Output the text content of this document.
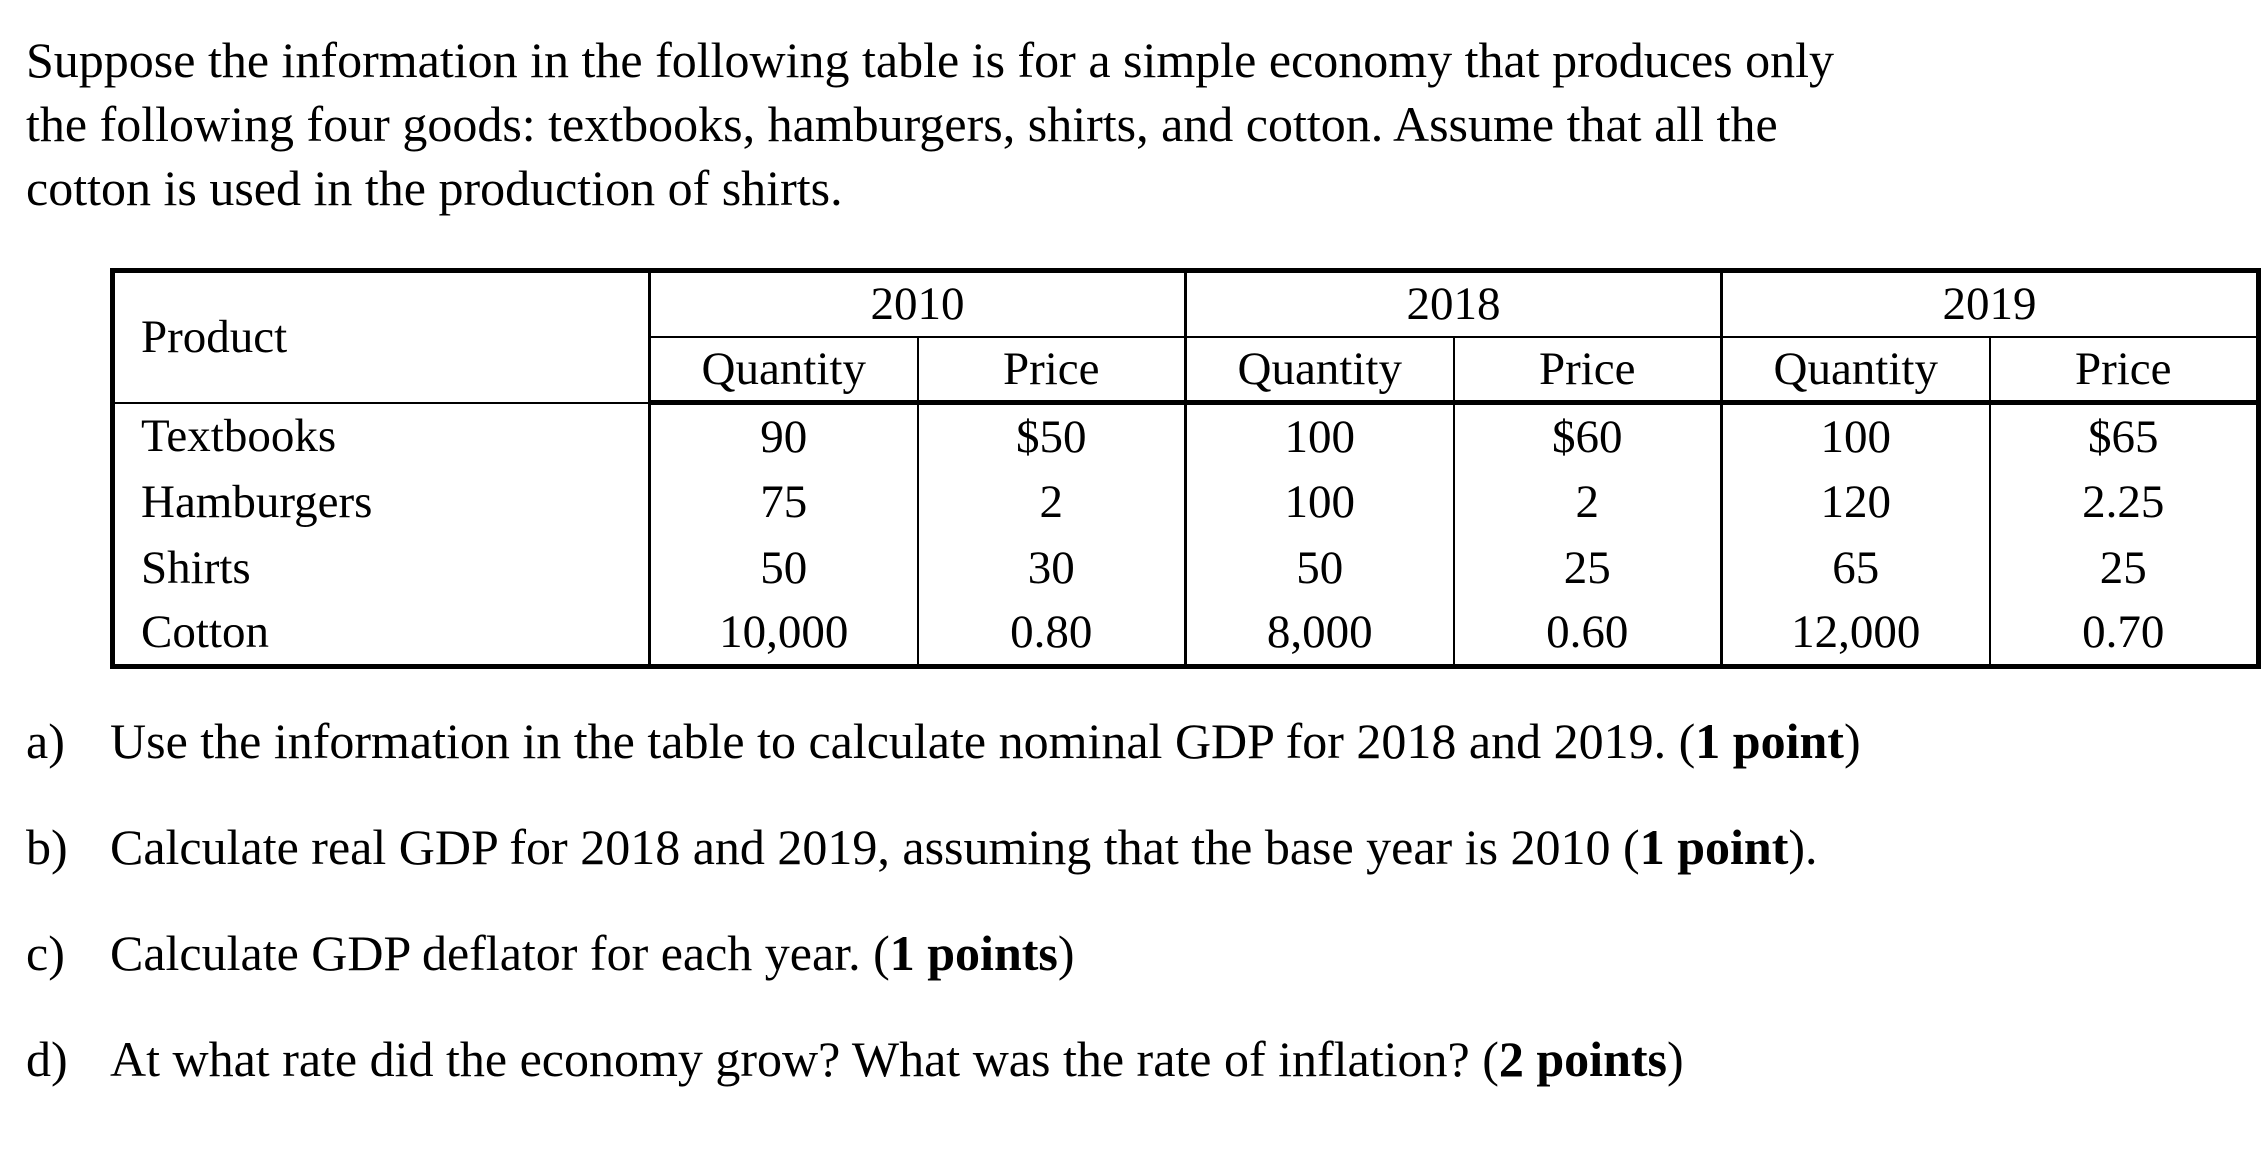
Suppose the information in the following table is for a simple economy that produces only

the following four goods: textbooks, hamburgers, shirts, and cotton. Assume that all the

cotton is used in the production of shirts.

Product	2010		2018		2019	
	Quantity	Price	Quantity	Price	Quantity	Price
Textbooks	90	$50	100	$60	100	$65
Hamburgers	75	2	100	2	120	2.25
Shirts	50	30	50	25	65	25
Cotton	10,000	0.80	8,000	0.60	12,000	0.70
a) Use the information in the table to calculate nominal GDP for 2018 and 2019. (1 point)
b) Calculate real GDP for 2018 and 2019, assuming that the base year is 2010 (1 point).
c) Calculate GDP deflator for each year. (1 points)
d) At what rate did the economy grow? What was the rate of inflation? (2 points)
